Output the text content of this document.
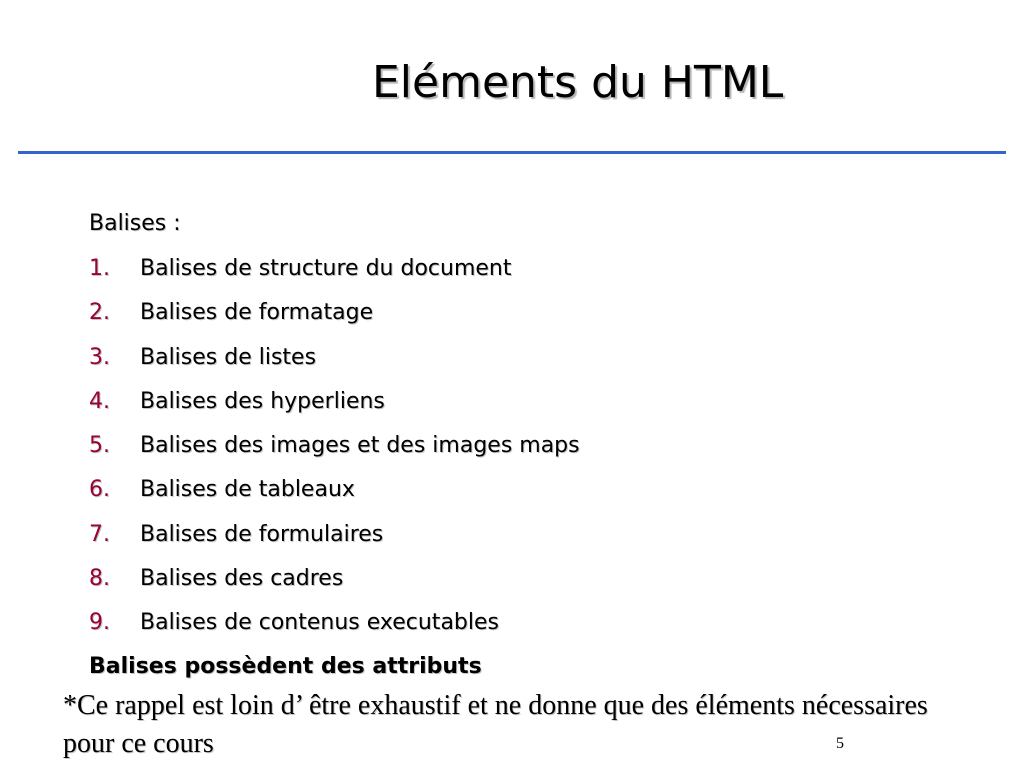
Eléments du HTML
Balises :
1. Balises de structure du document
2. Balises de formatage
3. Balises de listes
4. Balises des hyperliens
5. Balises des images et des images maps
6. Balises de tableaux
7. Balises de formulaires
8. Balises des cadres
9. Balises de contenus executables
Balises possèdent des attributs
*Ce rappel est loin d’ être exhaustif et ne donne que des éléments nécessaires pour ce cours	5
